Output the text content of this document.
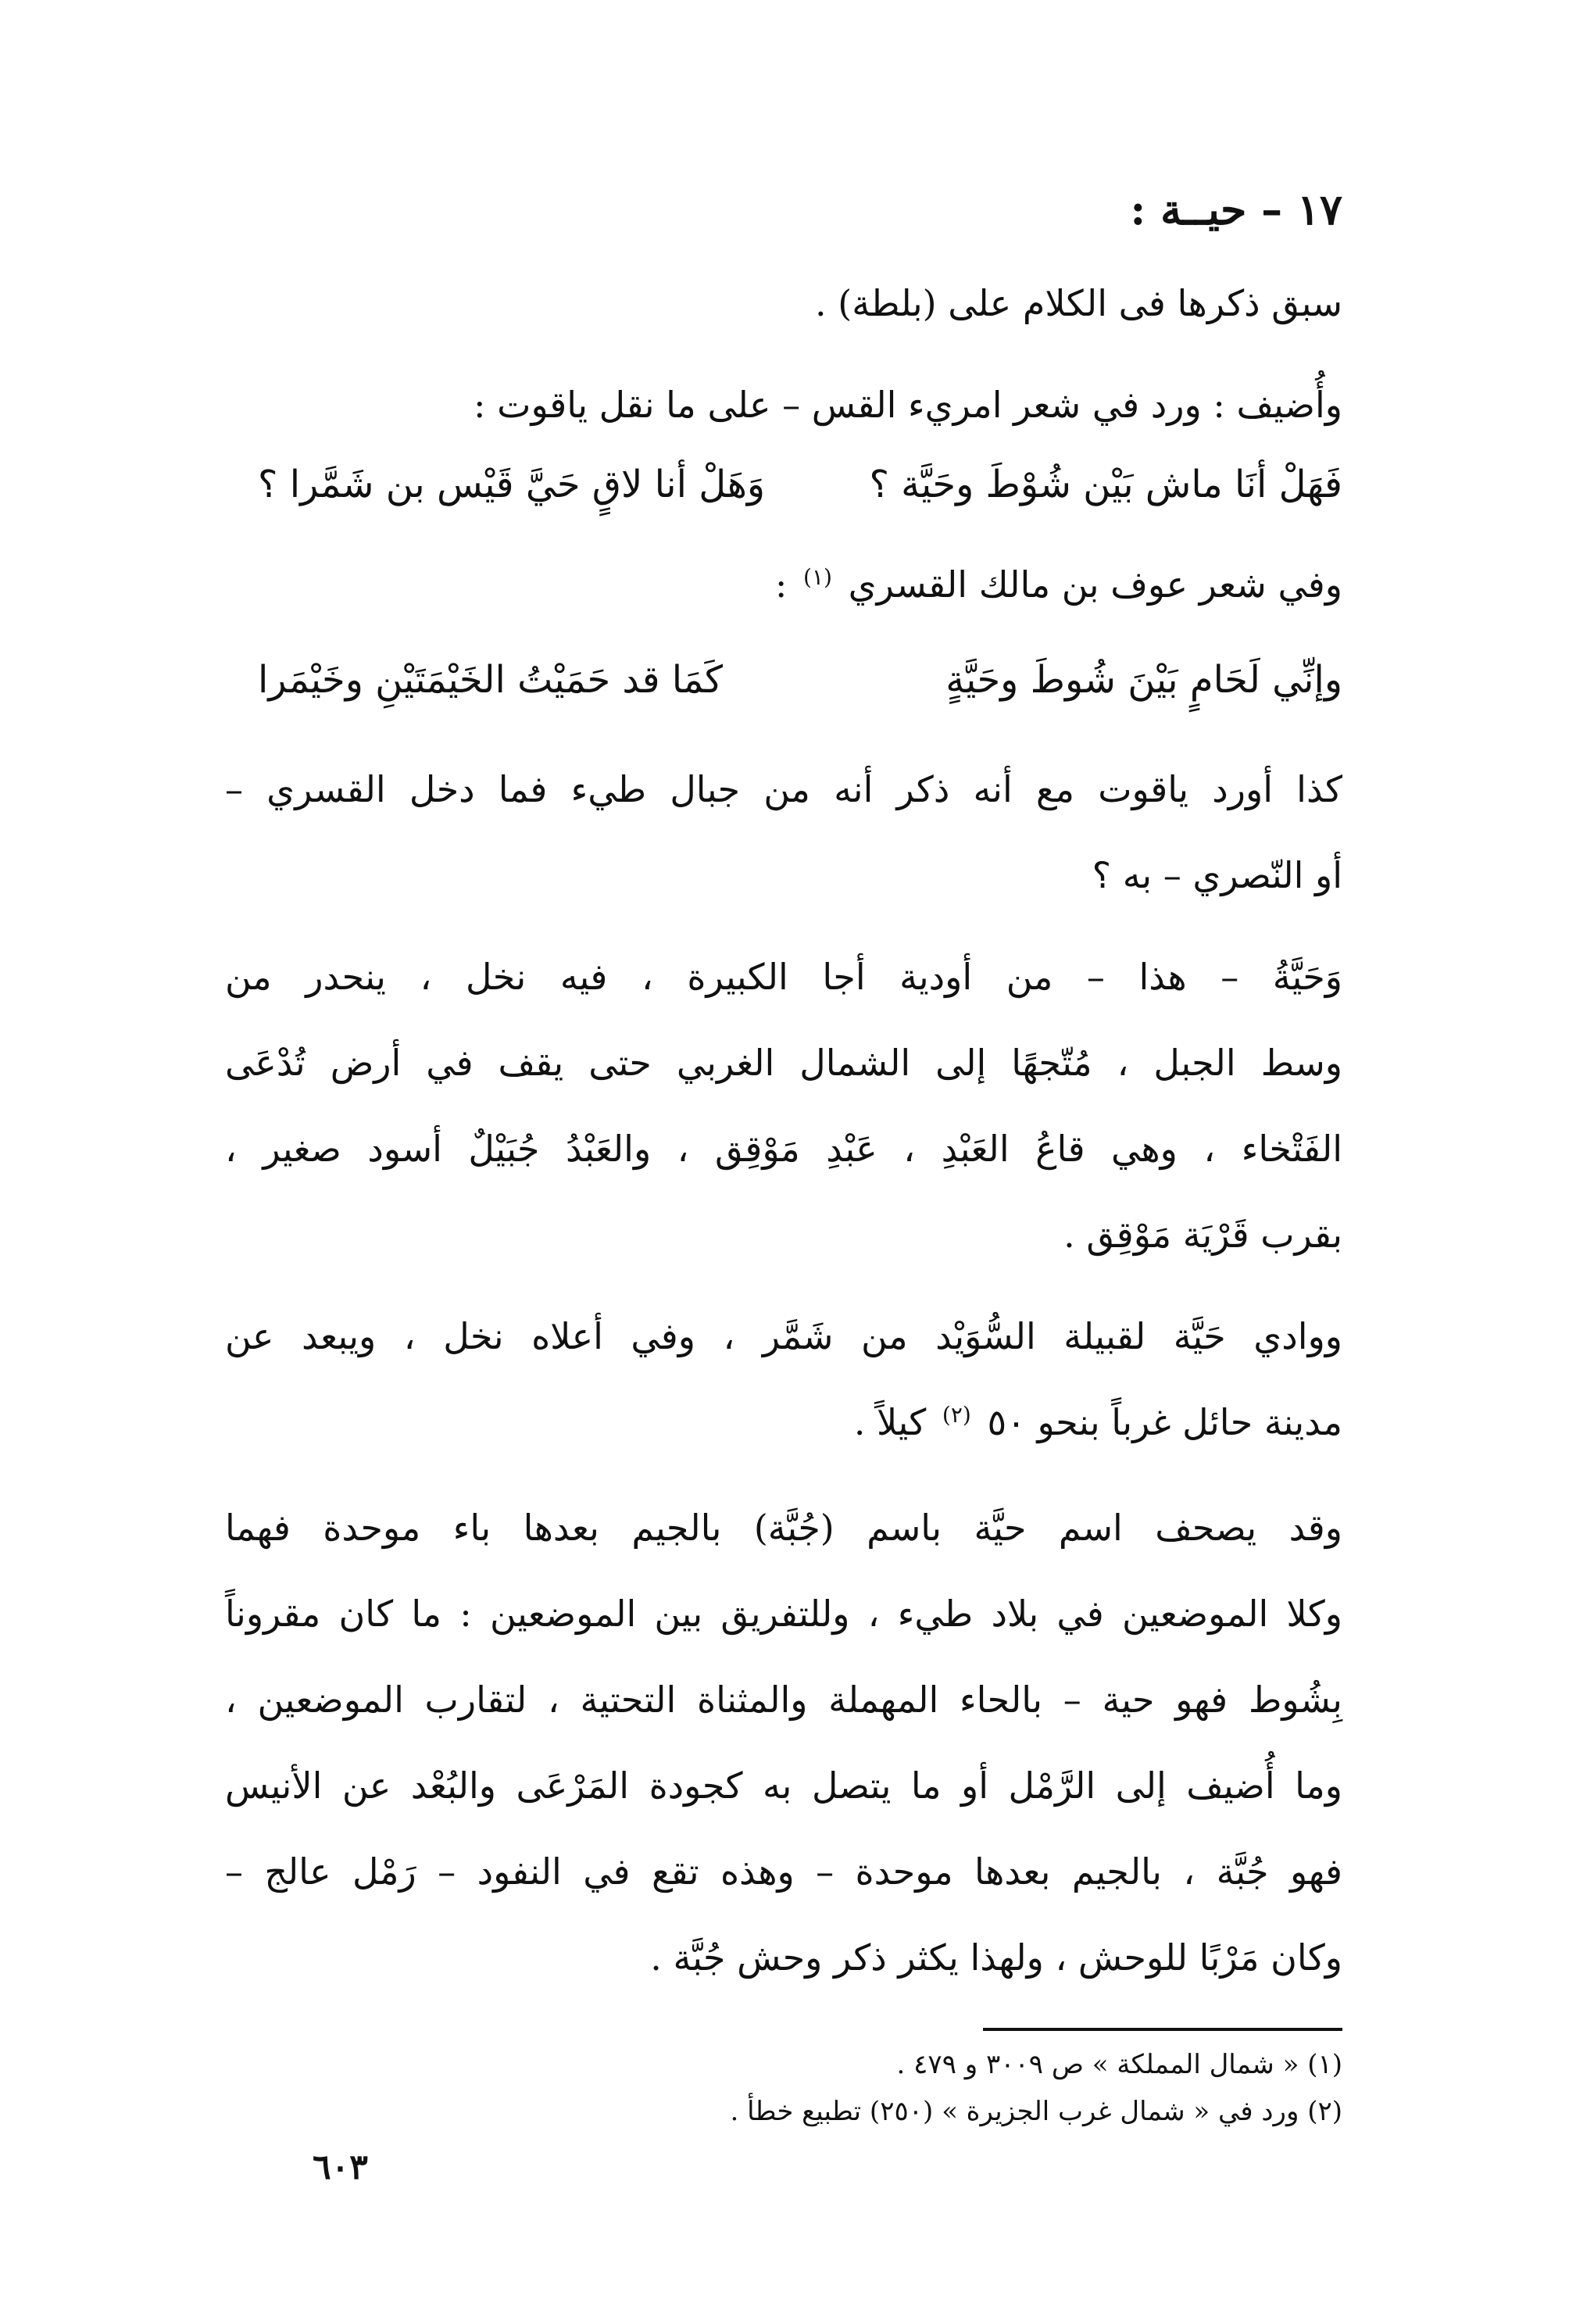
١٧ – حيــة :
سبق ذكرها فى الكلام على (بلطة) .
وأُضيف : ورد في شعر امريء القس – على ما نقل ياقوت :
فَهَلْ أنَا ماش بَيْن شُوْطَ وحَيَّة ؟
وَهَلْ أنا لاقٍ حَيَّ قَيْس بن شَمَّرا ؟
وفي شعر عوف بن مالك القسري $^{(١)}$ :
وإنِّي لَحَامٍ بَيْنَ شُوطَ وحَيَّةٍ
كَمَا قد حَمَيْتُ الخَيْمَتَيْنِ وخَيْمَرا
كذا أورد ياقوت مع أنه ذكر أنه من جبال طيء فما دخل القسري –
أو النّصري – به ؟
وَحَيَّةُ – هذا – من أودية أجا الكبيرة ، فيه نخل ، ينحدر من
وسط الجبل ، مُتّجهًا إلى الشمال الغربي حتى يقف في أرض تُدْعَى
الفَتْخاء ، وهي قاعُ العَبْدِ ، عَبْدِ مَوْقِق ، والعَبْدُ جُبَيْلٌ أسود صغير ،
بقرب قَرْيَة مَوْقِق .
ووادي حَيَّة لقبيلة السُّوَيْد من شَمَّر ، وفي أعلاه نخل ، ويبعد عن
مدينة حائل غرباً بنحو ٥٠ $^{(٢)}$ كيلاً .
وقد يصحف اسم حيَّة باسم (جُبَّة) بالجيم بعدها باء موحدة فهما
وكلا الموضعين في بلاد طيء ، وللتفريق بين الموضعين : ما كان مقروناً
بِشُوط فهو حية – بالحاء المهملة والمثناة التحتية ، لتقارب الموضعين ،
وما أُضيف إلى الرَّمْل أو ما يتصل به كجودة المَرْعَى والبُعْد عن الأنيس
فهو جُبَّة ، بالجيم بعدها موحدة – وهذه تقع في النفود – رَمْل عالج –
وكان مَرْبًا للوحش ، ولهذا يكثر ذكر وحش جُبَّة .
(١) « شمال المملكة » ص ٣٠٠٩ و ٤٧٩ .
(٢) ورد في « شمال غرب الجزيرة » (٢٥٠) تطبيع خطأ .
٦٠٣
